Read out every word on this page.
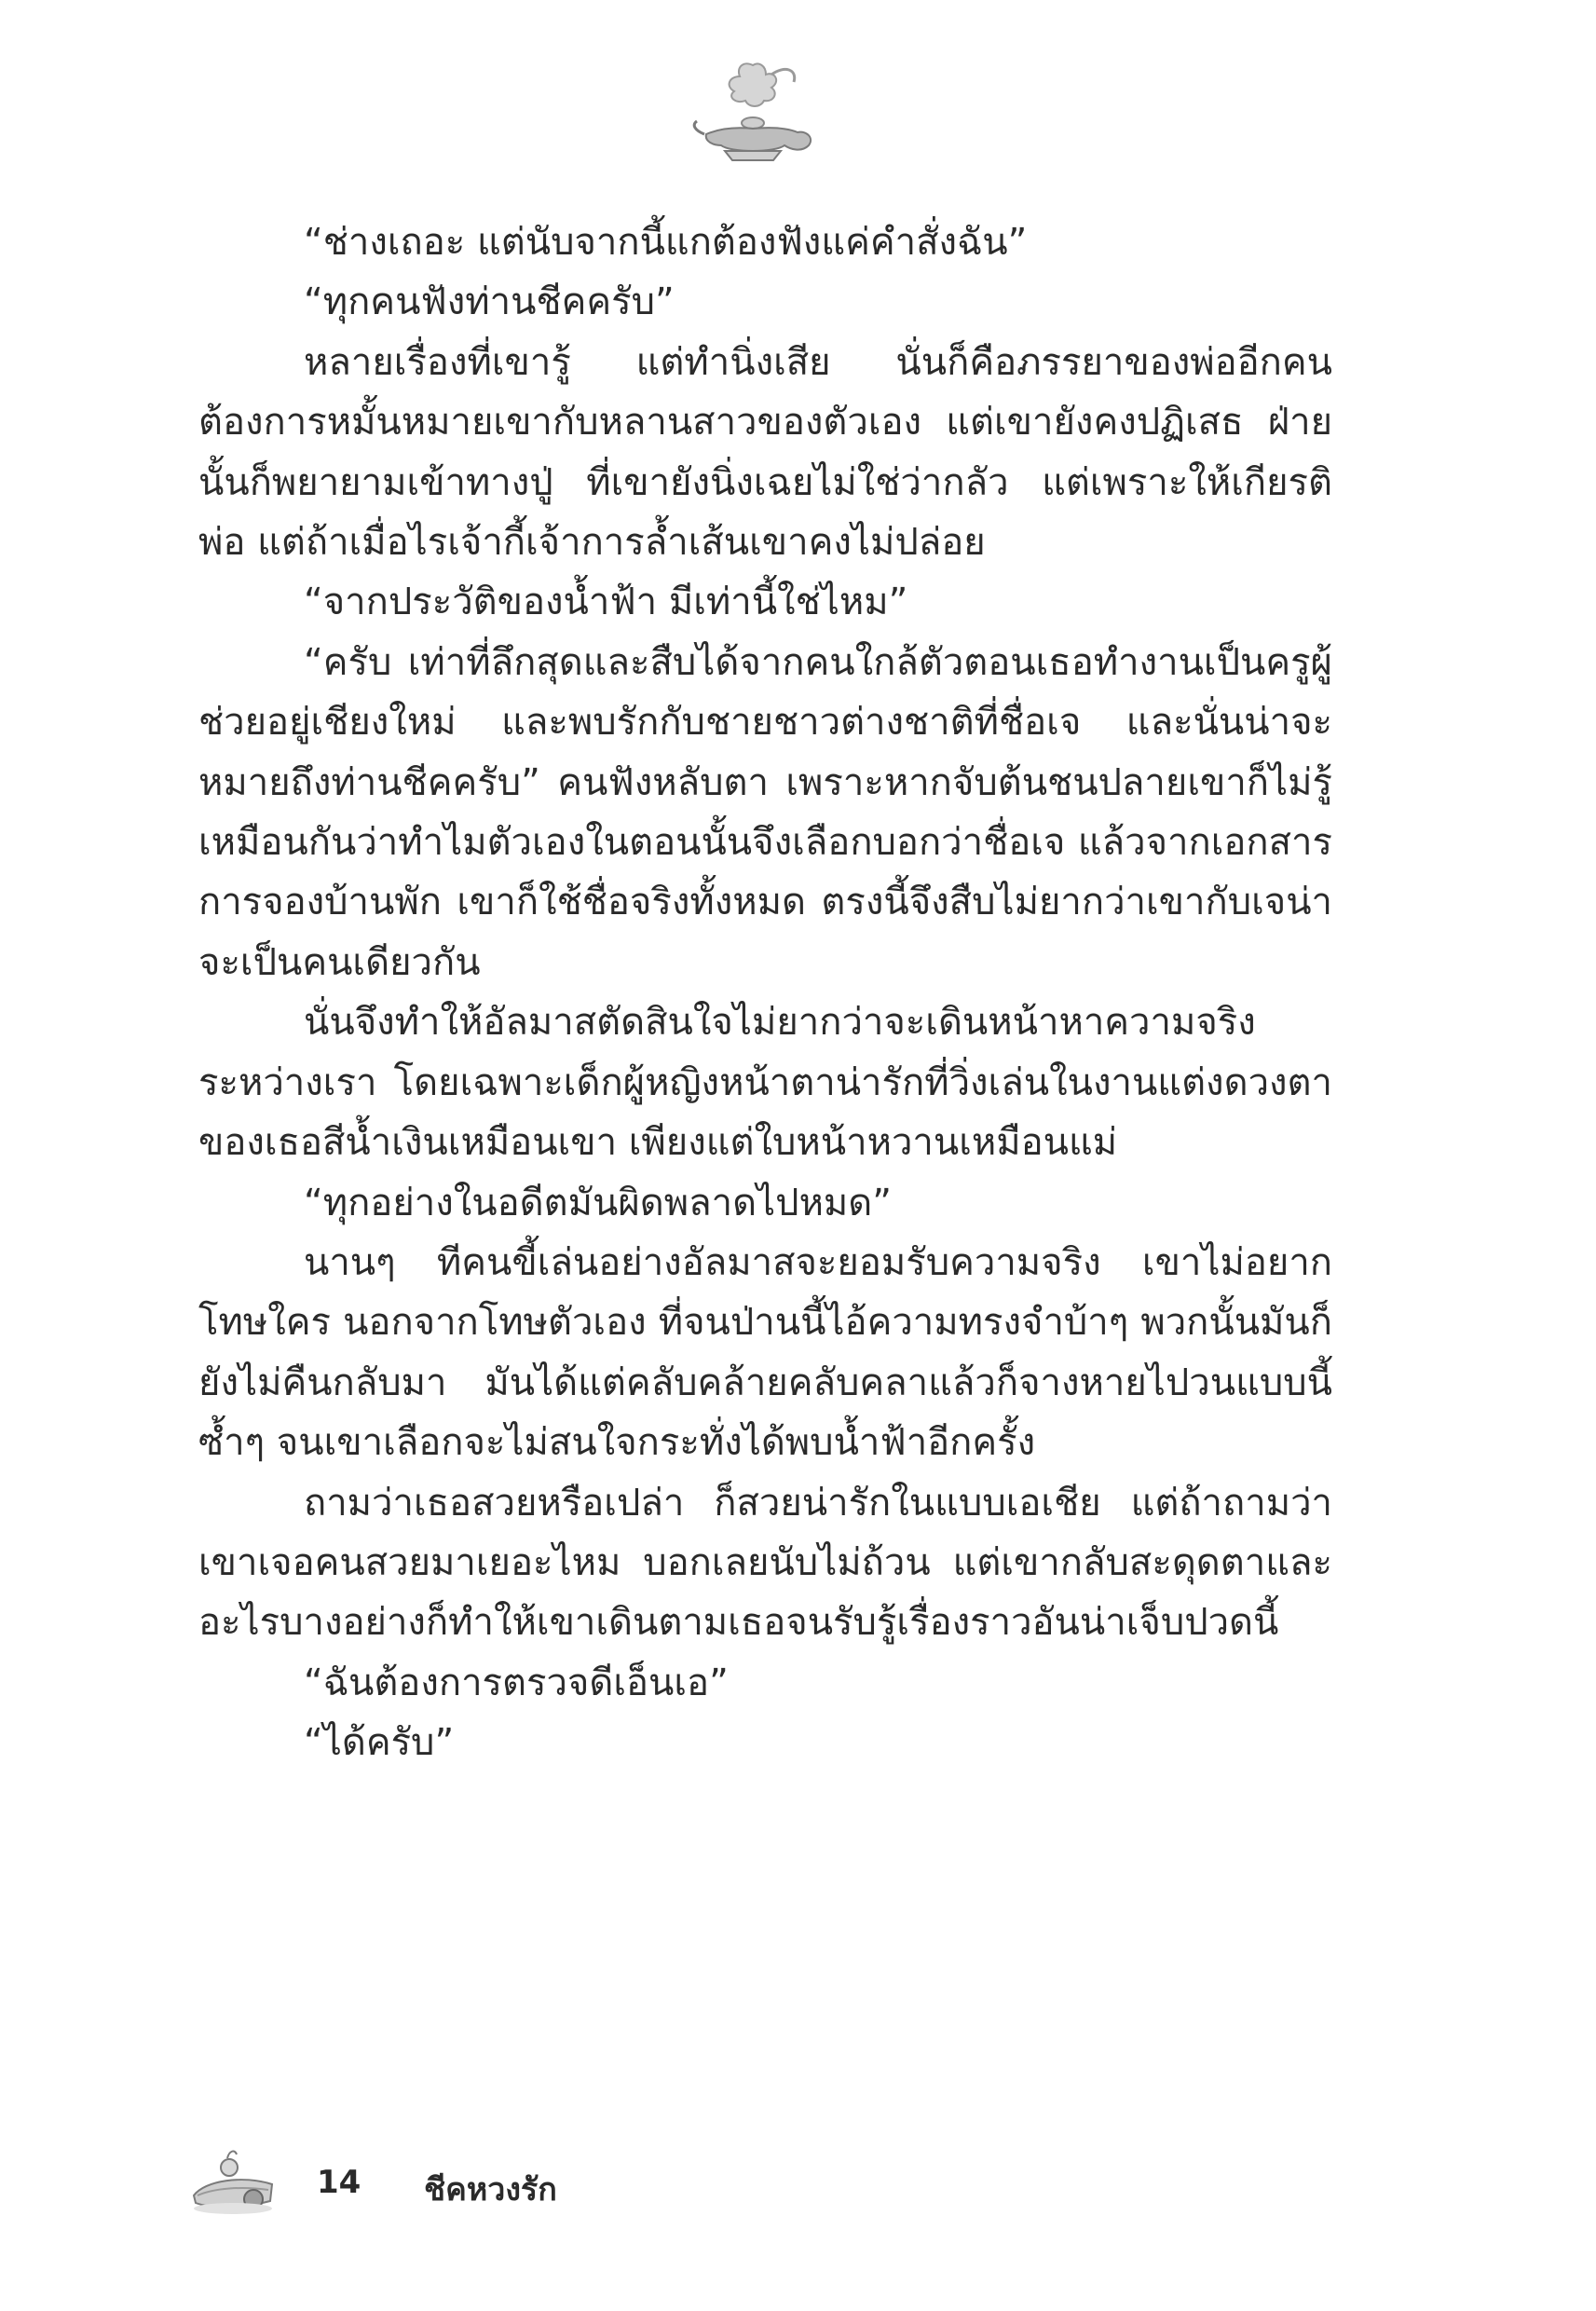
“ช่างเถอะ แต่นับจากนี้แกต้องฟังแค่คำสั่งฉัน”

“ทุกคนฟังท่านชีคครับ”

หลายเรื่องที่เขารู้ แต่ทำนิ่งเสีย นั่นก็คือภรรยาของพ่ออีกคนต้องการหมั้นหมายเขากับหลานสาวของตัวเอง แต่เขายังคงปฏิเสธ ฝ่ายนั้นก็พยายามเข้าทางปู่ ที่เขายังนิ่งเฉยไม่ใช่ว่ากลัว แต่เพราะให้เกียรติพ่อ แต่ถ้าเมื่อไรเจ้ากี้เจ้าการล้ำเส้นเขาคงไม่ปล่อย

“จากประวัติของน้ำฟ้า มีเท่านี้ใช่ไหม”

“ครับ เท่าที่ลึกสุดและสืบได้จากคนใกล้ตัวตอนเธอทำงานเป็นครูผู้ช่วยอยู่เชียงใหม่ และพบรักกับชายชาวต่างชาติที่ชื่อเจ และนั่นน่าจะหมายถึงท่านชีคครับ” คนฟังหลับตา เพราะหากจับต้นชนปลายเขาก็ไม่รู้เหมือนกันว่าทำไมตัวเองในตอนนั้นจึงเลือกบอกว่าชื่อเจ แล้วจากเอกสารการจองบ้านพัก เขาก็ใช้ชื่อจริงทั้งหมด ตรงนี้จึงสืบไม่ยากว่าเขากับเจน่าจะเป็นคนเดียวกัน

นั่นจึงทำให้อัลมาสตัดสินใจไม่ยากว่าจะเดินหน้าหาความจริงระหว่างเรา โดยเฉพาะเด็กผู้หญิงหน้าตาน่ารักที่วิ่งเล่นในงานแต่งดวงตาของเธอสีน้ำเงินเหมือนเขา เพียงแต่ใบหน้าหวานเหมือนแม่

“ทุกอย่างในอดีตมันผิดพลาดไปหมด”

นานๆ ทีคนขี้เล่นอย่างอัลมาสจะยอมรับความจริง เขาไม่อยากโทษใคร นอกจากโทษตัวเอง ที่จนป่านนี้ไอ้ความทรงจำบ้าๆ พวกนั้นมันก็ยังไม่คืนกลับมา มันได้แต่คลับคล้ายคลับคลาแล้วก็จางหายไปวนแบบนี้ซ้ำๆ จนเขาเลือกจะไม่สนใจกระทั่งได้พบน้ำฟ้าอีกครั้ง

ถามว่าเธอสวยหรือเปล่า ก็สวยน่ารักในแบบเอเชีย แต่ถ้าถามว่าเขาเจอคนสวยมาเยอะไหม บอกเลยนับไม่ถ้วน แต่เขากลับสะดุดตาและอะไรบางอย่างก็ทำให้เขาเดินตามเธอจนรับรู้เรื่องราวอันน่าเจ็บปวดนี้

“ฉันต้องการตรวจดีเอ็นเอ”

“ได้ครับ”

14 ชีคหวงรัก
